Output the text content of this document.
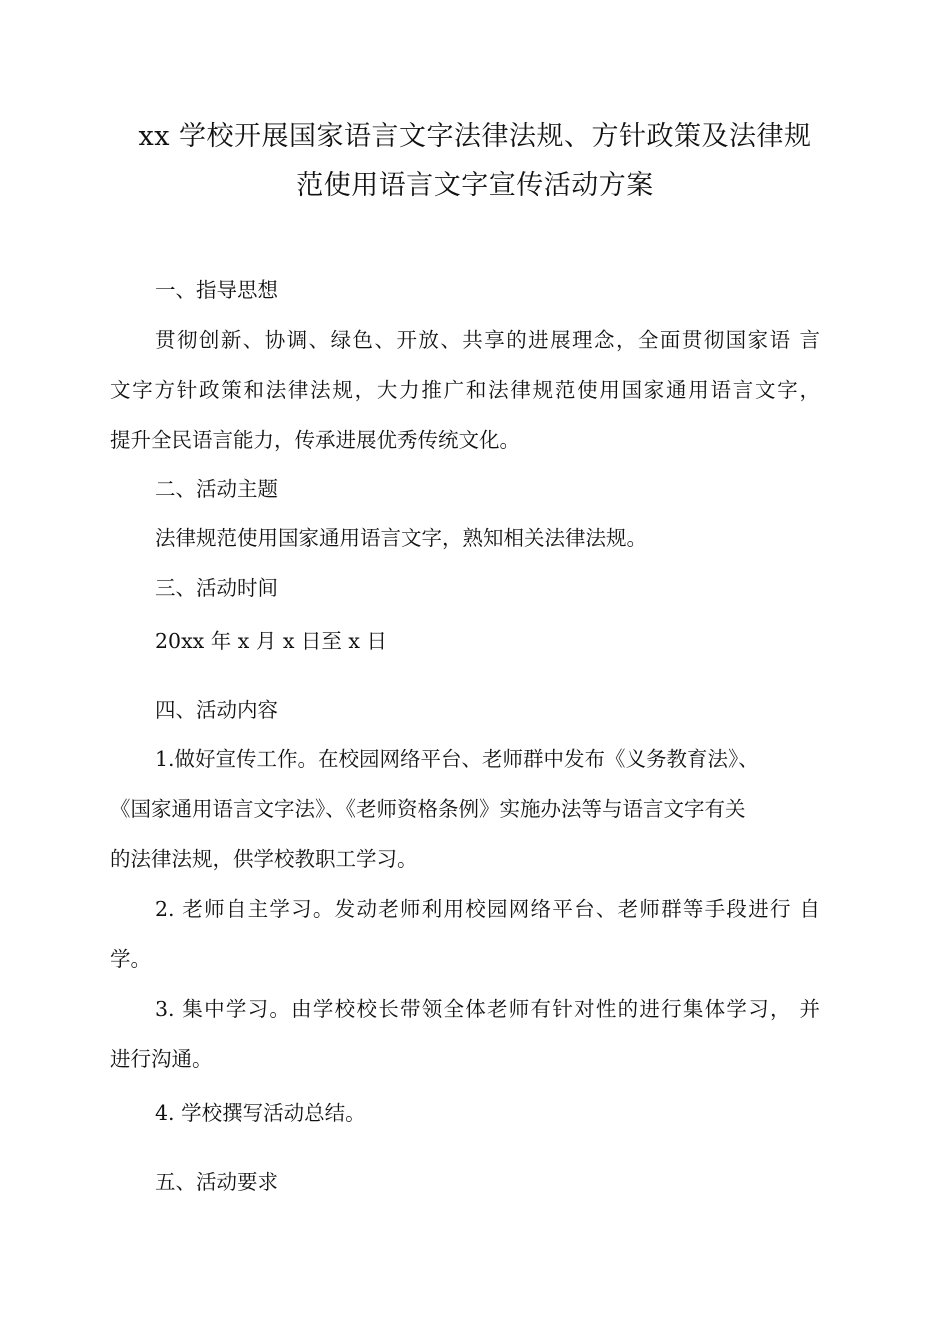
xx 学校开展国家语言文字法律法规、方针政策及法律规
范使用语言文字宣传活动方案
一、指导思想
贯彻创新、协调、绿色、开放、共享的进展理念，全面贯彻国家语 言
文字方针政策和法律法规，大力推广和法律规范使用国家通用语言文字，
提升全民语言能力，传承进展优秀传统文化。
二、活动主题
法律规范使用国家通用语言文字，熟知相关法律法规。
三、活动时间
20xx 年 x 月 x 日至 x 日
四、活动内容
1.做好宣传工作。在校园网络平台、老师群中发布《义务教育法》、
《国家通用语言文字法》、《老师资格条例》实施办法等与语言文字有关
的法律法规，供学校教职工学习。
2. 老师自主学习。发动老师利用校园网络平台、老师群等手段进行 自
学。
3. 集中学习。由学校校长带领全体老师有针对性的进行集体学习， 并
进行沟通。
4. 学校撰写活动总结。
五、活动要求
